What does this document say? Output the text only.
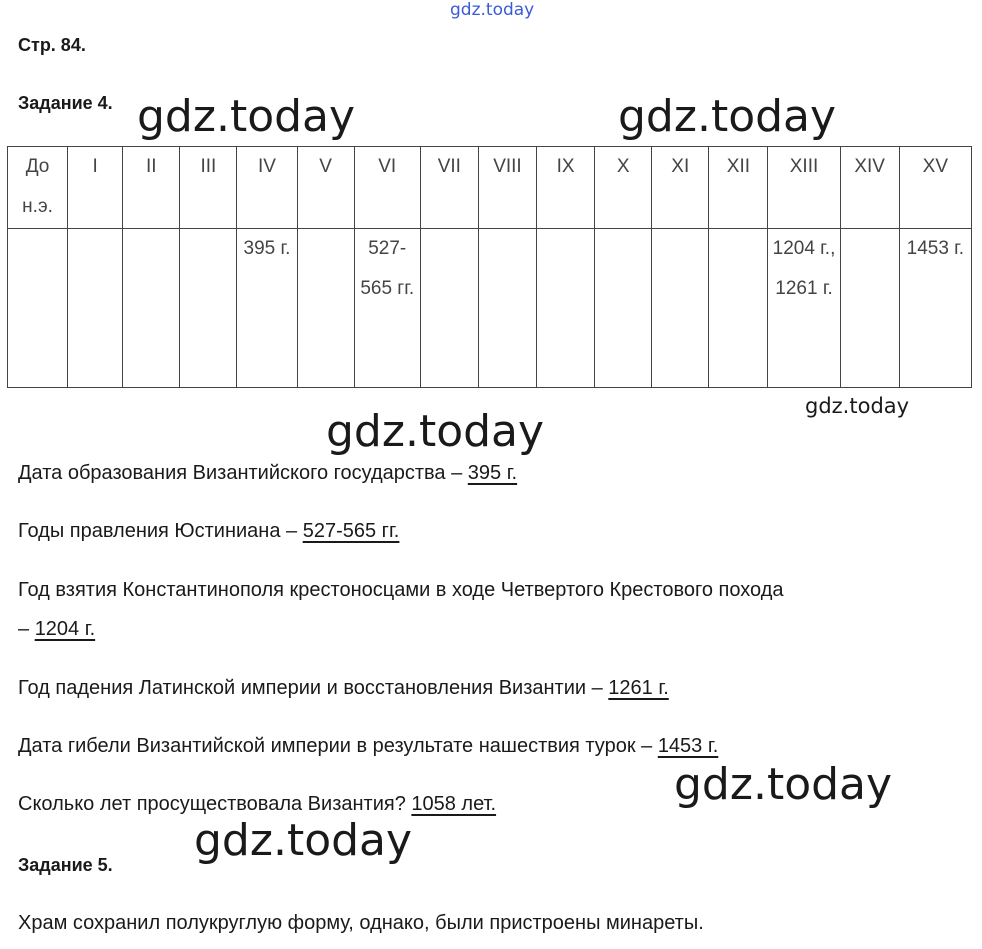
gdz.today
gdz.today	gdz.today
gdz.today
gdz.today
gdz.today
gdz.today
Стр. 84.
Задание 4.
До н.э.	I	II	III	IV	V	VI	VII	VIII	IX	X	XI	XII	XIII	XIV	XV

				395 г.		527-565 гг.							1204 г., 1261 г.		1453 г.
Дата образования Византийского государства – 395 г.
Годы правления Юстиниана – 527-565 гг.
Год взятия Константинополя крестоносцами в ходе Четвертого Крестового похода
– 1204 г.
Год падения Латинской империи и восстановления Византии – 1261 г.
Дата гибели Византийской империи в результате нашествия турок – 1453 г.
Сколько лет просуществовала Византия? 1058 лет.
Задание 5.
Храм сохранил полукруглую форму, однако, были пристроены минареты.
